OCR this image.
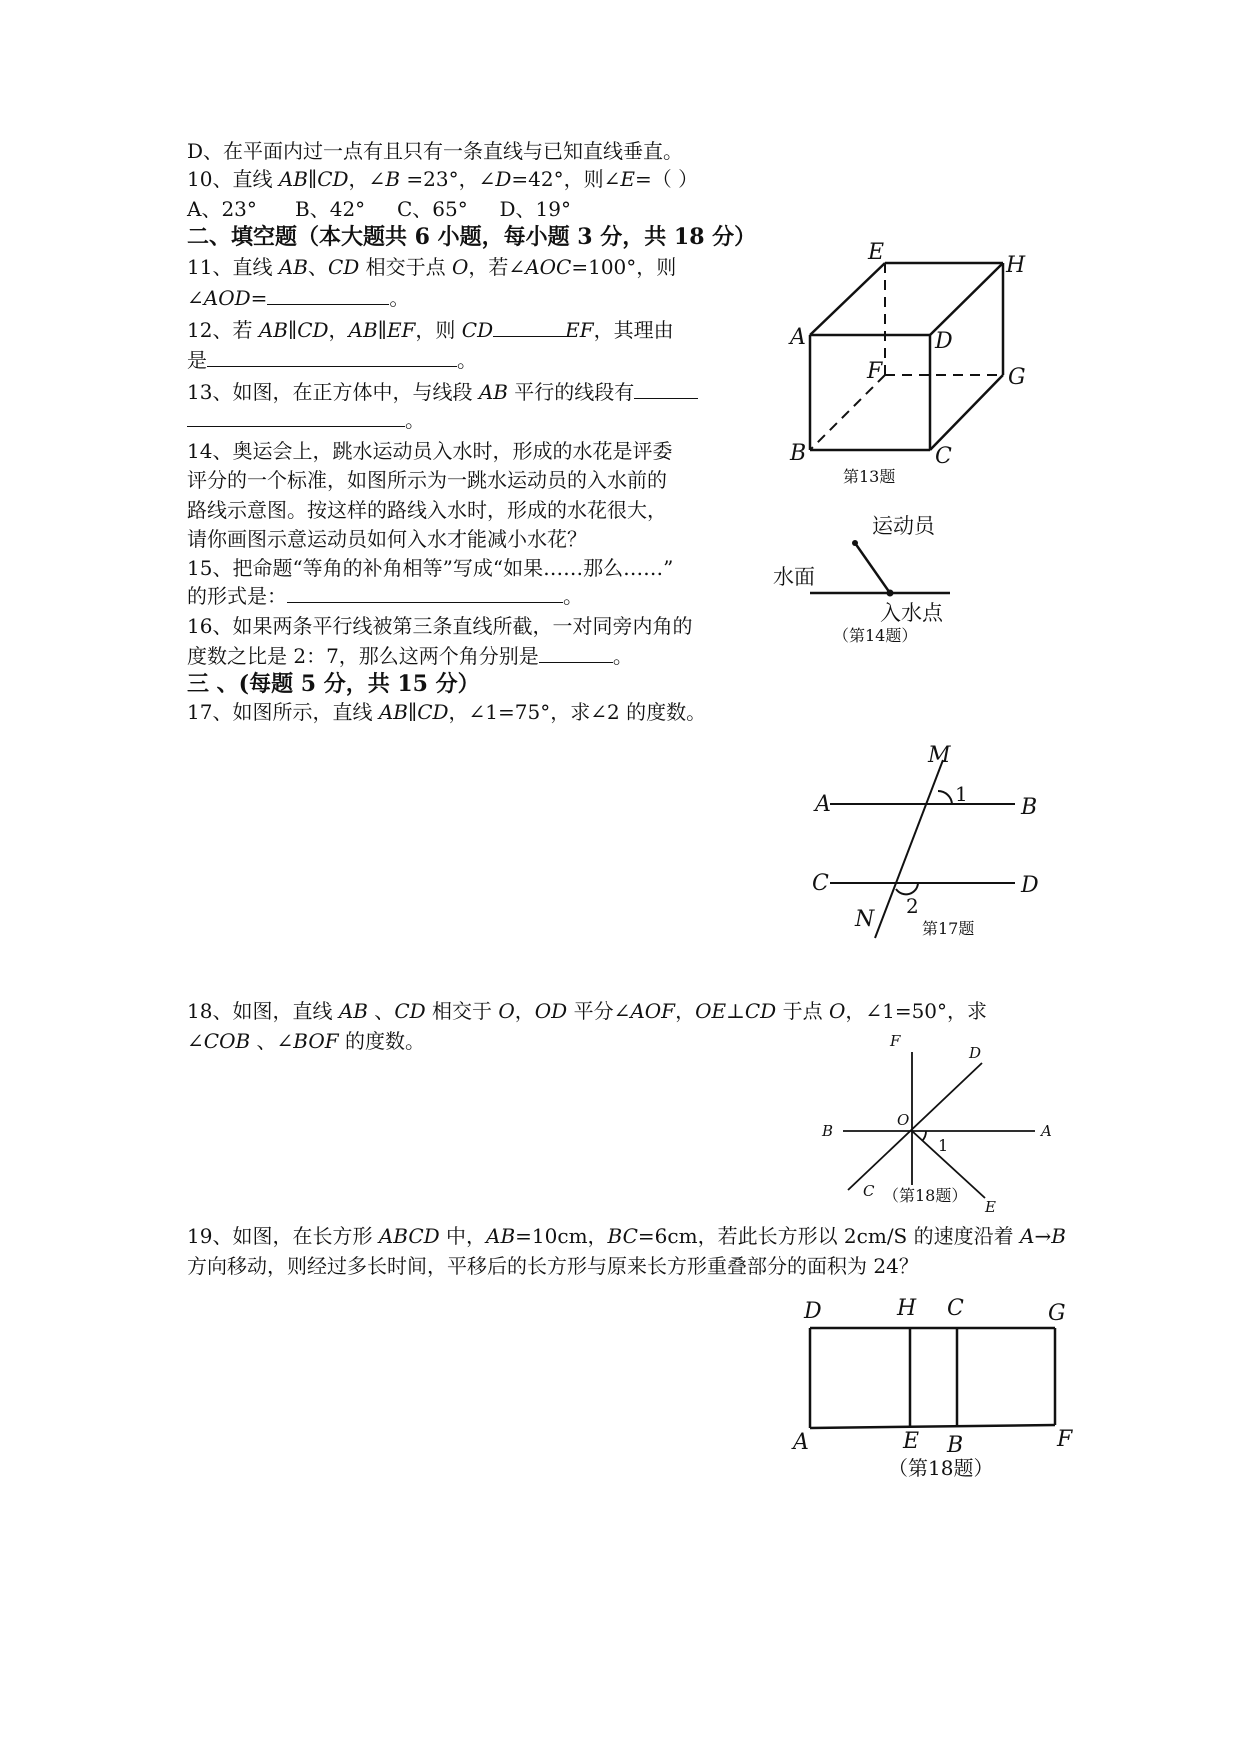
D、在平面内过一点有且只有一条直线与已知直线垂直。
10、直线 AB∥CD，∠B =23°，∠D=42°，则∠E=（ ）
A、23°      B、42°     C、65°     D、19°
二、填空题（本大题共 6 小题，每小题 3 分，共 18 分）
11、直线 AB、CD 相交于点 O，若∠AOC=100°，则
∠AOD=	。
12、若 AB∥CD，AB∥EF，则 CD	EF，其理由
是	。
13、如图，在正方体中，与线段 AB 平行的线段有
。
14、奥运会上，跳水运动员入水时，形成的水花是评委
评分的一个标准，如图所示为一跳水运动员的入水前的
路线示意图。按这样的路线入水时，形成的水花很大，
请你画图示意运动员如何入水才能减小水花？
15、把命题“等角的补角相等”写成“如果……那么……”
的形式是：	。
16、如果两条平行线被第三条直线所截，一对同旁内角的
度数之比是 2：7，那么这两个角分别是	。
三 、(每题 5 分，共 15 分）
17、如图所示，直线 AB∥CD，∠1=75°，求∠2 的度数。
18、如图，直线 AB 、CD 相交于 O，OD 平分∠AOF，OE⊥CD 于点 O，∠1=50°，求
∠COB 、∠BOF 的度数。
19、如图，在长方形 ABCD 中，AB=10cm，BC=6cm，若此长方形以 2cm/S 的速度沿着 A→B
方向移动，则经过多长时间，平移后的长方形与原来长方形重叠部分的面积为 24？
E
H
A	D
F	G
B	C
第13题
运动员
水面
入水点
（第14题）
M
A	B
C	D
N
1
2
第17题
F
D
O
B	A
C
E
1
（第18题）
D	H C	G
A	E B	F
（第18题）
